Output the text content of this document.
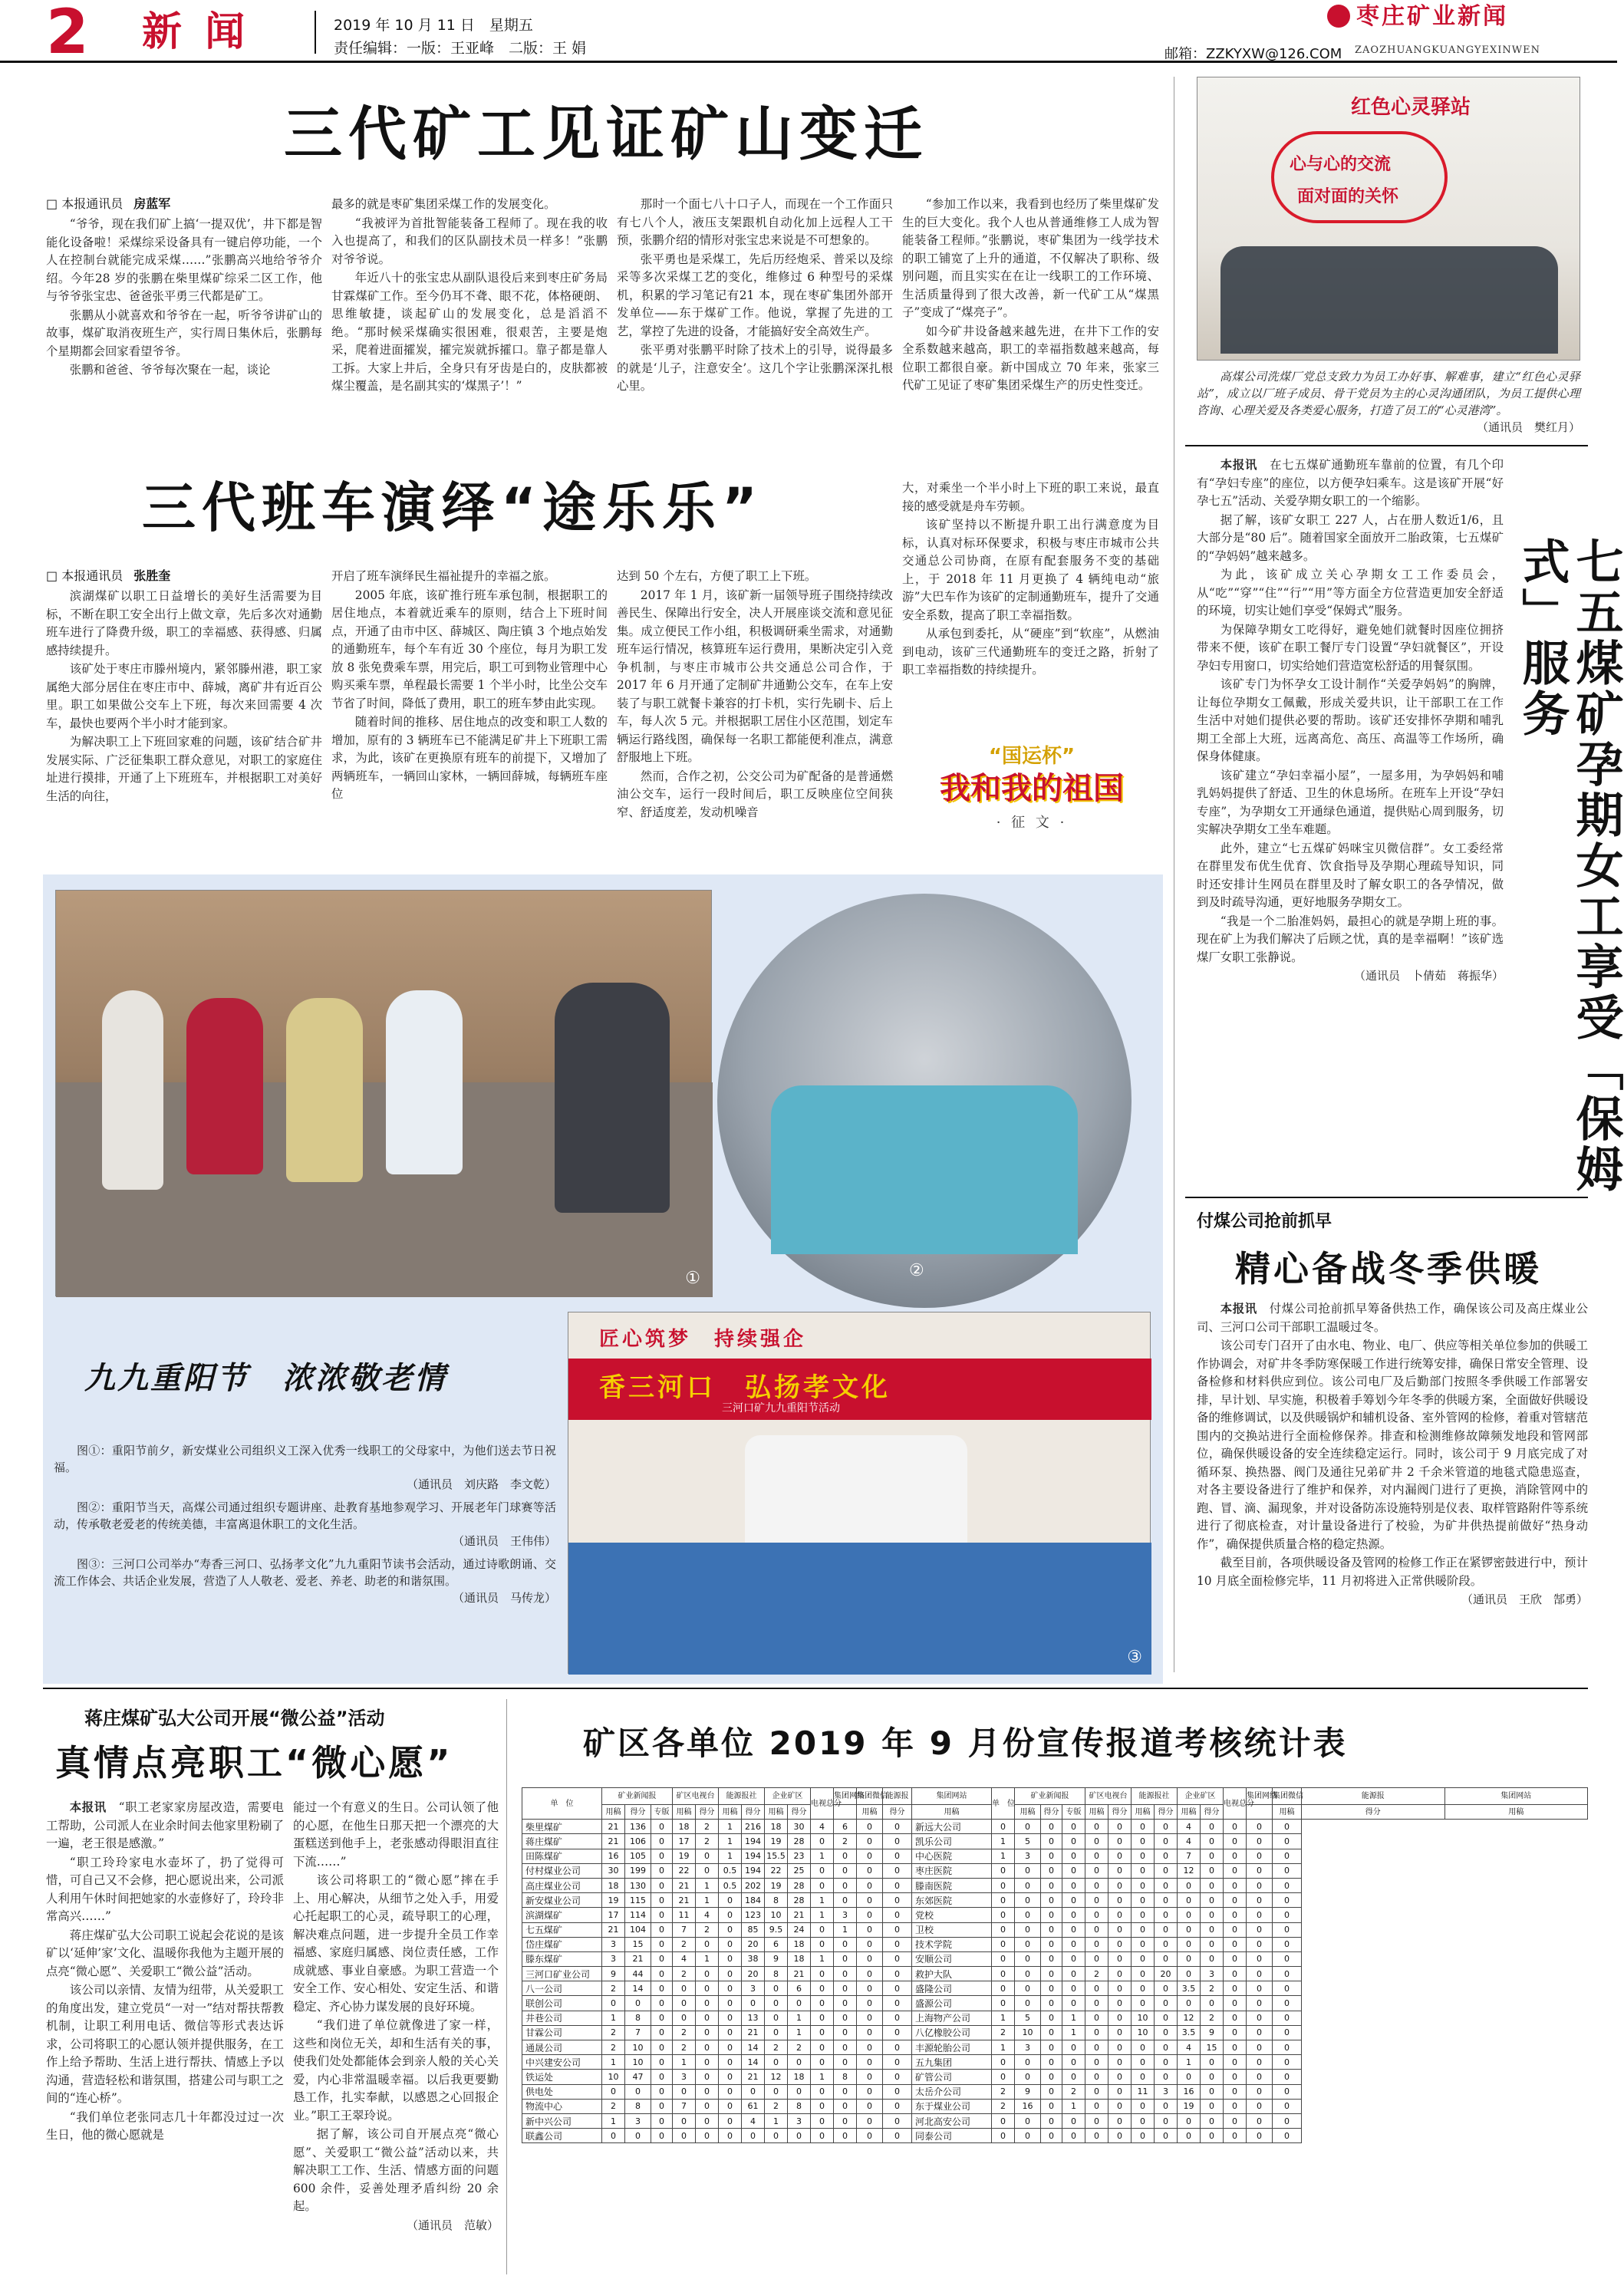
2 新 闻	2019 年 10 月 11 日　星期五
责任编辑：一版：王亚峰　二版：王 娟
枣庄矿业新闻
邮箱：ZZKYXW@126.COM ZAOZHUANGKUANGYEXINWEN
三代矿工见证矿山变迁
□ 本报通讯员 房蓝军

“爷爷，现在我们矿上搞‘一提双优’，井下都是智能化设备啦！采煤综采设备具有一键启停功能，一个人在控制台就能完成采煤……”张鹏高兴地给爷爷介绍。今年28 岁的张鹏在柴里煤矿综采二区工作，他与爷爷张宝忠、爸爸张平勇三代都是矿工。

张鹏从小就喜欢和爷爷在一起，听爷爷讲矿山的故事，煤矿取消夜班生产，实行周日集休后，张鹏每个星期都会回家看望爷爷。

张鹏和爸爸、爷爷每次聚在一起，谈论

最多的就是枣矿集团采煤工作的发展变化。

“我被评为首批智能装备工程师了。现在我的收入也提高了，和我们的区队副技术员一样多！”张鹏对爷爷说。

年近八十的张宝忠从副队退役后来到枣庄矿务局甘霖煤矿工作。至今仍耳不聋、眼不花，体格硬朗、思维敏捷，谈起矿山的发展变化，总是滔滔不绝。“那时候采煤确实很困难，很艰苦，主要是炮采，爬着进面攉炭，攉完炭就拆攉口。靠子都是靠人工拆。大家上井后，全身只有牙齿是白的，皮肤都被煤尘覆盖，是名副其实的‘煤黑子’！”

那时一个面七八十口子人，而现在一个工作面只有七八个人，液压支架跟机自动化加上远程人工干预，张鹏介绍的情形对张宝忠来说是不可想象的。

张平勇也是采煤工，先后历经炮采、普采以及综采等多次采煤工艺的变化，维修过 6 种型号的采煤机，积累的学习笔记有21 本，现在枣矿集团外部开发单位——东于煤矿工作。他说，掌握了先进的工艺，掌控了先进的设备，才能搞好安全高效生产。

张平勇对张鹏平时除了技术上的引导，说得最多的就是‘儿子，注意安全’。这几个字让张鹏深深扎根心里。

“参加工作以来，我看到也经历了柴里煤矿发生的巨大变化。我个人也从普通维修工人成为智能装备工程师。”张鹏说，枣矿集团为一线学技术的职工铺宽了上升的通道，不仅解决了职称、级别问题，而且实实在在让一线职工的工作环境、生活质量得到了很大改善，新一代矿工从“煤黑子”变成了“煤亮子”。

如今矿井设备越来越先进，在井下工作的安全系数越来越高，职工的幸福指数越来越高，每位职工都很自豪。新中国成立 70 年来，张家三代矿工见证了枣矿集团采煤生产的历史性变迁。

三代班车演绎“途乐乐”
□ 本报通讯员 张胜奎

滨湖煤矿以职工日益增长的美好生活需要为目标，不断在职工安全出行上做文章，先后多次对通勤班车进行了降费升级，职工的幸福感、获得感、归属感持续提升。

该矿处于枣庄市滕州境内，紧邻滕州港，职工家属绝大部分居住在枣庄市中、薛城，离矿井有近百公里。职工如果做公交车上下班，每次来回需要 4 次车，最快也要两个半小时才能到家。

为解决职工上下班回家难的问题，该矿结合矿井发展实际、广泛征集职工群众意见，对职工的家庭住址进行摸排，开通了上下班班车，并根据职工对美好生活的向往，

开启了班车演绎民生福祉提升的幸福之旅。

2005 年底，该矿推行班车承包制，根据职工的居住地点，本着就近乘车的原则，结合上下班时间点，开通了由市中区、薛城区、陶庄镇 3 个地点始发的通勤班车，每个车有近 30 个座位，每月为职工发放 8 张免费乘车票，用完后，职工可到物业管理中心购买乘车票，单程最长需要 1 个半小时，比坐公交车节省了时间，降低了费用，职工的班车梦由此实现。

随着时间的推移、居住地点的改变和职工人数的增加，原有的 3 辆班车已不能满足矿井上下班职工需求，为此，该矿在更换原有班车的前提下，又增加了两辆班车，一辆回山家林，一辆回薛城，每辆班车座位

达到 50 个左右，方便了职工上下班。

2017 年 1 月，该矿新一届领导班子围绕持续改善民生、保障出行安全，决人开展座谈交流和意见征集。成立便民工作小组，积极调研乘坐需求，对通勤班车运行情况，核算班车运行费用，果断决定引入竞争机制，与枣庄市城市公共交通总公司合作，于 2017 年 6 月开通了定制矿井通勤公交车，在车上安装了与职工就餐卡兼容的打卡机，实行先刷卡、后上车，每人次 5 元。并根据职工居住小区范围，划定车辆运行路线图，确保每一名职工都能便利准点，满意舒服地上下班。

然而，合作之初，公交公司为矿配备的是普通燃油公交车，运行一段时间后，职工反映座位空间狭窄、舒适度差，发动机噪音

大，对乘坐一个半小时上下班的职工来说，最直接的感受就是舟车劳顿。

该矿坚持以不断提升职工出行满意度为目标，认真对标环保要求，积极与枣庄市城市公共交通总公司协商，在原有配套服务不变的基础上，于 2018 年 11 月更换了 4 辆纯电动“旅游”大巴车作为该矿的定制通勤班车，提升了交通安全系数，提高了职工幸福指数。

从承包到委托，从“硬座”到“软座”，从燃油到电动，该矿三代通勤班车的变迁之路，折射了职工幸福指数的持续提升。

“国运杯”
我和我的祖国
· 征 文 ·
①	②
匠心筑梦　持续强企
香三河口　弘扬孝文化
三河口矿九九重阳节活动
③
九九重阳节　浓浓敬老情

图①：重阳节前夕，新安煤业公司组织义工深入优秀一线职工的父母家中，为他们送去节日祝福。

（通讯员　刘庆路　李文乾）

图②：重阳节当天，高煤公司通过组织专题讲座、赴教育基地参观学习、开展老年门球赛等活动，传承敬老爱老的传统美德，丰富离退休职工的文化生活。

（通讯员　王伟伟）

图③：三河口公司举办“寿香三河口、弘扬孝文化”九九重阳节读书会活动，通过诗歌朗诵、交流工作体会、共话企业发展，营造了人人敬老、爱老、养老、助老的和谐氛围。

（通讯员　马传龙）
红色心灵驿站
心与心的交流
面对面的关怀

高煤公司洗煤厂党总支致力为员工办好事、解难事，建立“红色心灵驿站”，成立以厂班子成员、骨干党员为主的心灵沟通团队，为员工提供心理咨询、心理关爱及各类爱心服务，打造了员工的“心灵港湾”。

（通讯员　樊红月）

本报讯　 在七五煤矿通勤班车靠前的位置，有几个印有“孕妇专座”的座位，以方便孕妇乘车。这是该矿开展“好孕七五”活动、关爱孕期女职工的一个缩影。

据了解，该矿女职工 227 人，占在册人数近1/6，且大部分是“80 后”。随着国家全面放开二胎政策，七五煤矿的“孕妈妈”越来越多。

为此，该矿成立关心孕期女工工作委员会，从“吃”“穿”“住”“行”“用”等方面全方位营造更加安全舒适的环境，切实让她们享受“保姆式”服务。

为保障孕期女工吃得好，避免她们就餐时因座位拥挤带来不便，该矿在职工餐厅专门设置“孕妇就餐区”，开设孕妇专用窗口，切实给她们营造宽松舒适的用餐氛围。

该矿专门为怀孕女工设计制作“关爱孕妈妈”的胸牌，让每位孕期女工佩戴，形成关爱共识，让干部职工在工作生活中对她们提供必要的帮助。该矿还安排怀孕期和哺乳期工全部上大班，远离高危、高压、高温等工作场所，确保身体健康。

该矿建立“孕妇幸福小屋”，一屋多用，为孕妈妈和哺乳妈妈提供了舒适、卫生的休息场所。在班车上开设“孕妇专座”，为孕期女工开通绿色通道，提供贴心周到服务，切实解决孕期女工坐车难题。

此外，建立“七五煤矿妈咪宝贝微信群”。女工委经常在群里发布优生优育、饮食指导及孕期心理疏导知识，同时还安排计生网员在群里及时了解女职工的各孕情况，做到及时疏导沟通，更好地服务孕期女工。

“我是一个二胎准妈妈，最担心的就是孕期上班的事。现在矿上为我们解决了后顾之忧，真的是幸福啊！”该矿选煤厂女职工张静说。

（通讯员　卜倩茹　蒋振华）	七五煤矿孕期女工享受「保姆式」服务
付煤公司抢前抓早
精心备战冬季供暖

本报讯　 付煤公司抢前抓早筹备供热工作，确保该公司及高庄煤业公司、三河口公司干部职工温暖过冬。

该公司专门召开了由水电、物业、电厂、供应等相关单位参加的供暖工作协调会，对矿井冬季防寒保暖工作进行统筹安排，确保日常安全管理、设备检修和材料供应到位。该公司电厂及后勤部门按照冬季供暖工作部署安排，早计划、早实施，积极着手筹划今年冬季的供暖方案，全面做好供暖设备的维修调试，以及供暖锅炉和辅机设备、室外管网的检修，着重对管辖范围内的交换站进行全面检修保养。排查和检测维修故障频发地段和管网部位，确保供暖设备的安全连续稳定运行。同时，该公司于 9 月底完成了对循环泵、换热器、阀门及通往兄弟矿井 2 千余米管道的地毯式隐患巡查，对各主要设备进行了维护和保养，对内漏阀门进行了更换，消除管网中的跑、冒、滴、漏现象，并对设备防冻设施特别是仪表、取样管路附件等系统进行了彻底检查，对计量设备进行了校验，为矿井供热提前做好“热身动作”，确保提供质量合格的稳定热源。

截至目前，各项供暖设备及管网的检修工作正在紧锣密鼓进行中，预计 10 月底全面检修完毕，11 月初将进入正常供暖阶段。

（通讯员　王欣　郜勇）
蒋庄煤矿弘大公司开展“微公益”活动
真情点亮职工“微心愿”

本报讯　 “职工老家家房屋改造，需要电工帮助，公司派人在业余时间去他家里粉刷了一遍，老王很是感激。”

“职工玲玲家电水壶坏了，扔了觉得可惜，可自己又不会修，把心愿说出来，公司派人利用午休时间把她家的水壶修好了，玲玲非常高兴……”

蒋庄煤矿弘大公司职工说起会花说的是该矿以‘延伸’家’文化、温暖你我他为主题开展的点亮“微心愿”、关爱职工“微公益”活动。

该公司以亲情、友情为纽带，从关爱职工的角度出发，建立党员“一对一”结对帮扶帮教机制，让职工利用电话、微信等形式表达诉求，公司将职工的心愿认领并提供服务，在工作上给予帮助、生活上进行帮扶、情感上予以沟通，营造轻松和谐氛围，搭建公司与职工之间的“连心桥”。

“我们单位老张同志几十年都没过过一次生日，他的微心愿就是

能过一个有意义的生日。公司认领了他的心愿，在他生日那天把一个漂亮的大蛋糕送到他手上，老张感动得眼泪直往下流……”

该公司将职工的“微心愿”摔在手上、用心解决，从细节之处入手，用爱心托起职工的心灵，疏导职工的心理，解决难点问题，进一步提升全员工作幸福感、家庭归属感、岗位责任感，工作成就感、事业自豪感。为职工营造一个安全工作、安心相处、安定生活、和谐稳定、齐心协力谋发展的良好环境。

“我们进了单位就像进了家一样，这些和岗位无关，却和生活有关的事，使我们处处都能体会到亲人般的关心关爱，内心非常温暖幸福。以后我更要勤恳工作，扎实奉献，以感恩之心回报企业。”职工王翠玲说。

据了解，该公司自开展点亮“微心愿”、关爱职工“微公益”活动以来，共解决职工工作、生活、情感方面的问题 600 余件，妥善处理矛盾纠纷 20 余起。

（通讯员　范敏）
矿区各单位 2019 年 9 月份宣传报道考核统计表
单　位	矿业新闻报			矿区电视台		能源报社		企业矿区		电视总分	集团网络	集团微信	能源报	集团网站	单　位	矿业新闻报			矿区电视台		能源报社		企业矿区		电视总分	集团网络	集团微信	能源报	集团网站
	用稿	得分	专版	用稿	得分	用稿	得分	用稿	得分			用稿	得分	用稿		用稿	得分	专版	用稿	得分	用稿	得分	用稿	得分			用稿	得分	用稿
柴里煤矿	21	136	0	18	2	1	216	18	30	4	6	0	0	新远大公司	0	0	0	0	0	0	0	0	4	0	0	0	0		
蒋庄煤矿	21	106	0	17	2	1	194	19	28	0	2	0	0	凯乐公司	1	5	0	0	0	0	0	0	4	0	0	0	0		
田陈煤矿	16	105	0	19	0	1	194	15.5	23	1	0	0	0	中心医院	1	3	0	0	0	0	0	0	7	0	0	0	0		
付村煤业公司	30	199	0	22	0	0.5	194	22	25	0	0	0	0	枣庄医院	0	0	0	0	0	0	0	0	12	0	0	0	0		
高庄煤业公司	18	130	0	21	1	0.5	202	19	28	0	0	0	0	滕南医院	0	0	0	0	0	0	0	0	0	0	0	0	0		
新安煤业公司	19	115	0	21	1	0	184	8	28	1	0	0	0	东郊医院	0	0	0	0	0	0	0	0	0	0	0	0	0		
滨湖煤矿	17	114	0	11	4	0	123	10	21	1	3	0	0	党校	0	0	0	0	0	0	0	0	0	0	0	0	0		
七五煤矿	21	104	0	7	2	0	85	9.5	24	0	1	0	0	卫校	0	0	0	0	0	0	0	0	0	0	0	0	0		
岱庄煤矿	3	15	0	2	0	0	20	6	18	0	0	0	0	技术学院	0	0	0	0	0	0	0	0	0	0	0	0	0		
滕东煤矿	3	21	0	4	1	0	38	9	18	1	0	0	0	安顺公司	0	0	0	0	0	0	0	0	0	0	0	0	0		
三河口矿业公司	9	44	0	2	0	0	20	8	21	0	0	0	0	救护大队	0	0	0	0	2	0	0	20	0	3	0	0	0		
八一公司	2	14	0	0	0	0	3	0	6	0	0	0	0	盛隆公司	0	0	0	0	0	0	0	0	3.5	2	0	0	0		
联创公司	0	0	0	0	0	0	0	0	0	0	0	0	0	盛源公司	0	0	0	0	0	0	0	0	0	0	0	0	0		
井巷公司	1	8	0	0	0	0	13	0	1	0	0	0	0	上海物产公司	1	5	0	1	0	0	10	0	12	2	0	0	0		
甘霖公司	2	7	0	2	0	0	21	0	1	0	0	0	0	八亿橡胶公司	2	10	0	1	0	0	10	0	3.5	9	0	0	0		
通晟公司	2	10	0	2	0	0	14	2	2	0	0	0	0	丰源轮胎公司	1	3	0	0	0	0	0	0	4	15	0	0	0		
中兴建安公司	1	10	0	1	0	0	14	0	0	0	0	0	0	五九集团	0	0	0	0	0	0	0	0	1	0	0	0	0		
铁运处	10	47	0	3	0	0	21	12	18	1	8	0	0	矿管公司	0	0	0	0	0	0	0	0	0	0	0	0	0		
供电处	0	0	0	0	0	0	0	0	0	0	0	0	0	太岳介公司	2	9	0	2	0	0	11	3	16	0	0	0	0		
物流中心	2	8	0	7	0	0	61	2	8	0	0	0	0	东于煤业公司	2	16	0	1	0	0	0	0	19	0	0	0	0		
新中兴公司	1	3	0	0	0	0	4	1	3	0	0	0	0	河北高安公司	0	0	0	0	0	0	0	0	0	0	0	0	0		
联鑫公司	0	0	0	0	0	0	0	0	0	0	0	0	0	同泰公司	0	0	0	0	0	0	0	0	0	0	0	0	0		
